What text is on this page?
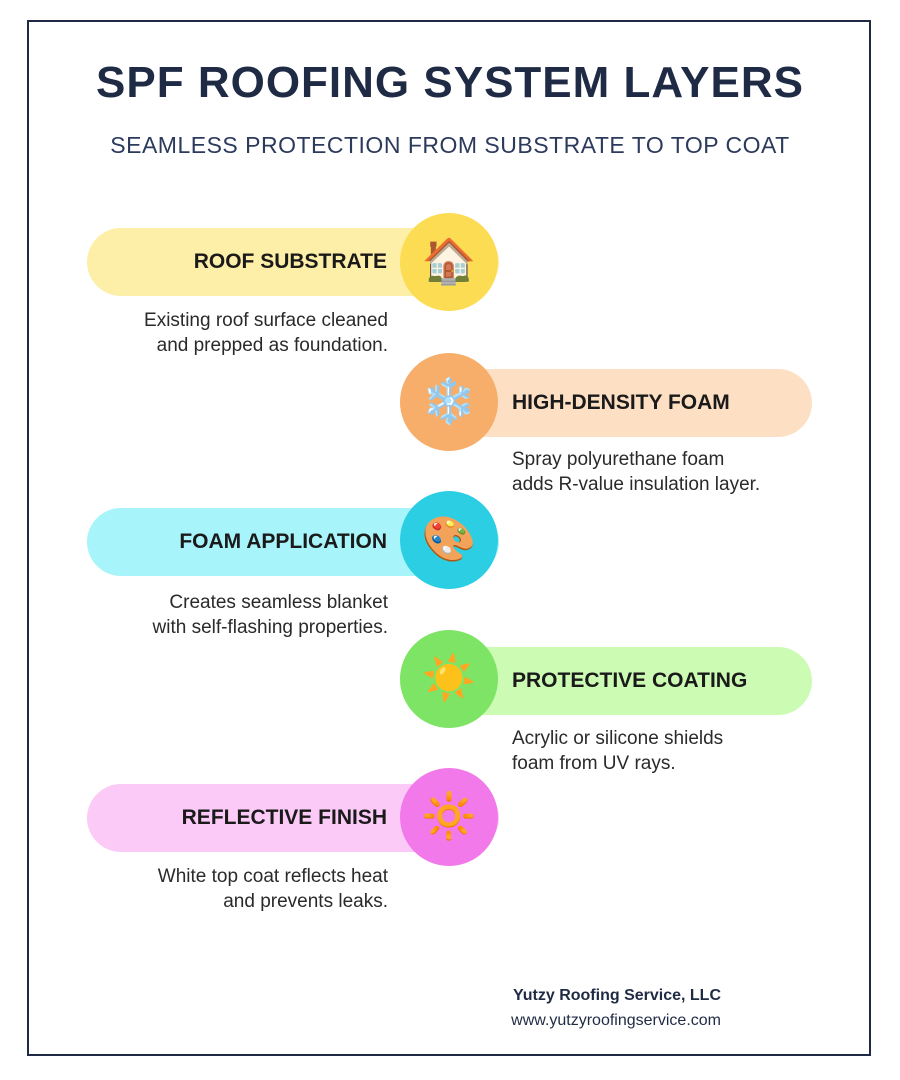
SPF ROOFING SYSTEM LAYERS
SEAMLESS PROTECTION FROM SUBSTRATE TO TOP COAT
ROOF SUBSTRATE 🏠
Existing roof surface cleaned
and prepped as foundation.
HIGH-DENSITY FOAM
❄️
Spray polyurethane foam
adds R-value insulation layer.
FOAM APPLICATION 🎨
Creates seamless blanket
with self-flashing properties.
PROTECTIVE COATING
☀️
Acrylic or silicone shields
foam from UV rays.
REFLECTIVE FINISH 🔆
White top coat reflects heat
and prevents leaks.
Yutzy Roofing Service, LLC
www.yutzyroofingservice.com
